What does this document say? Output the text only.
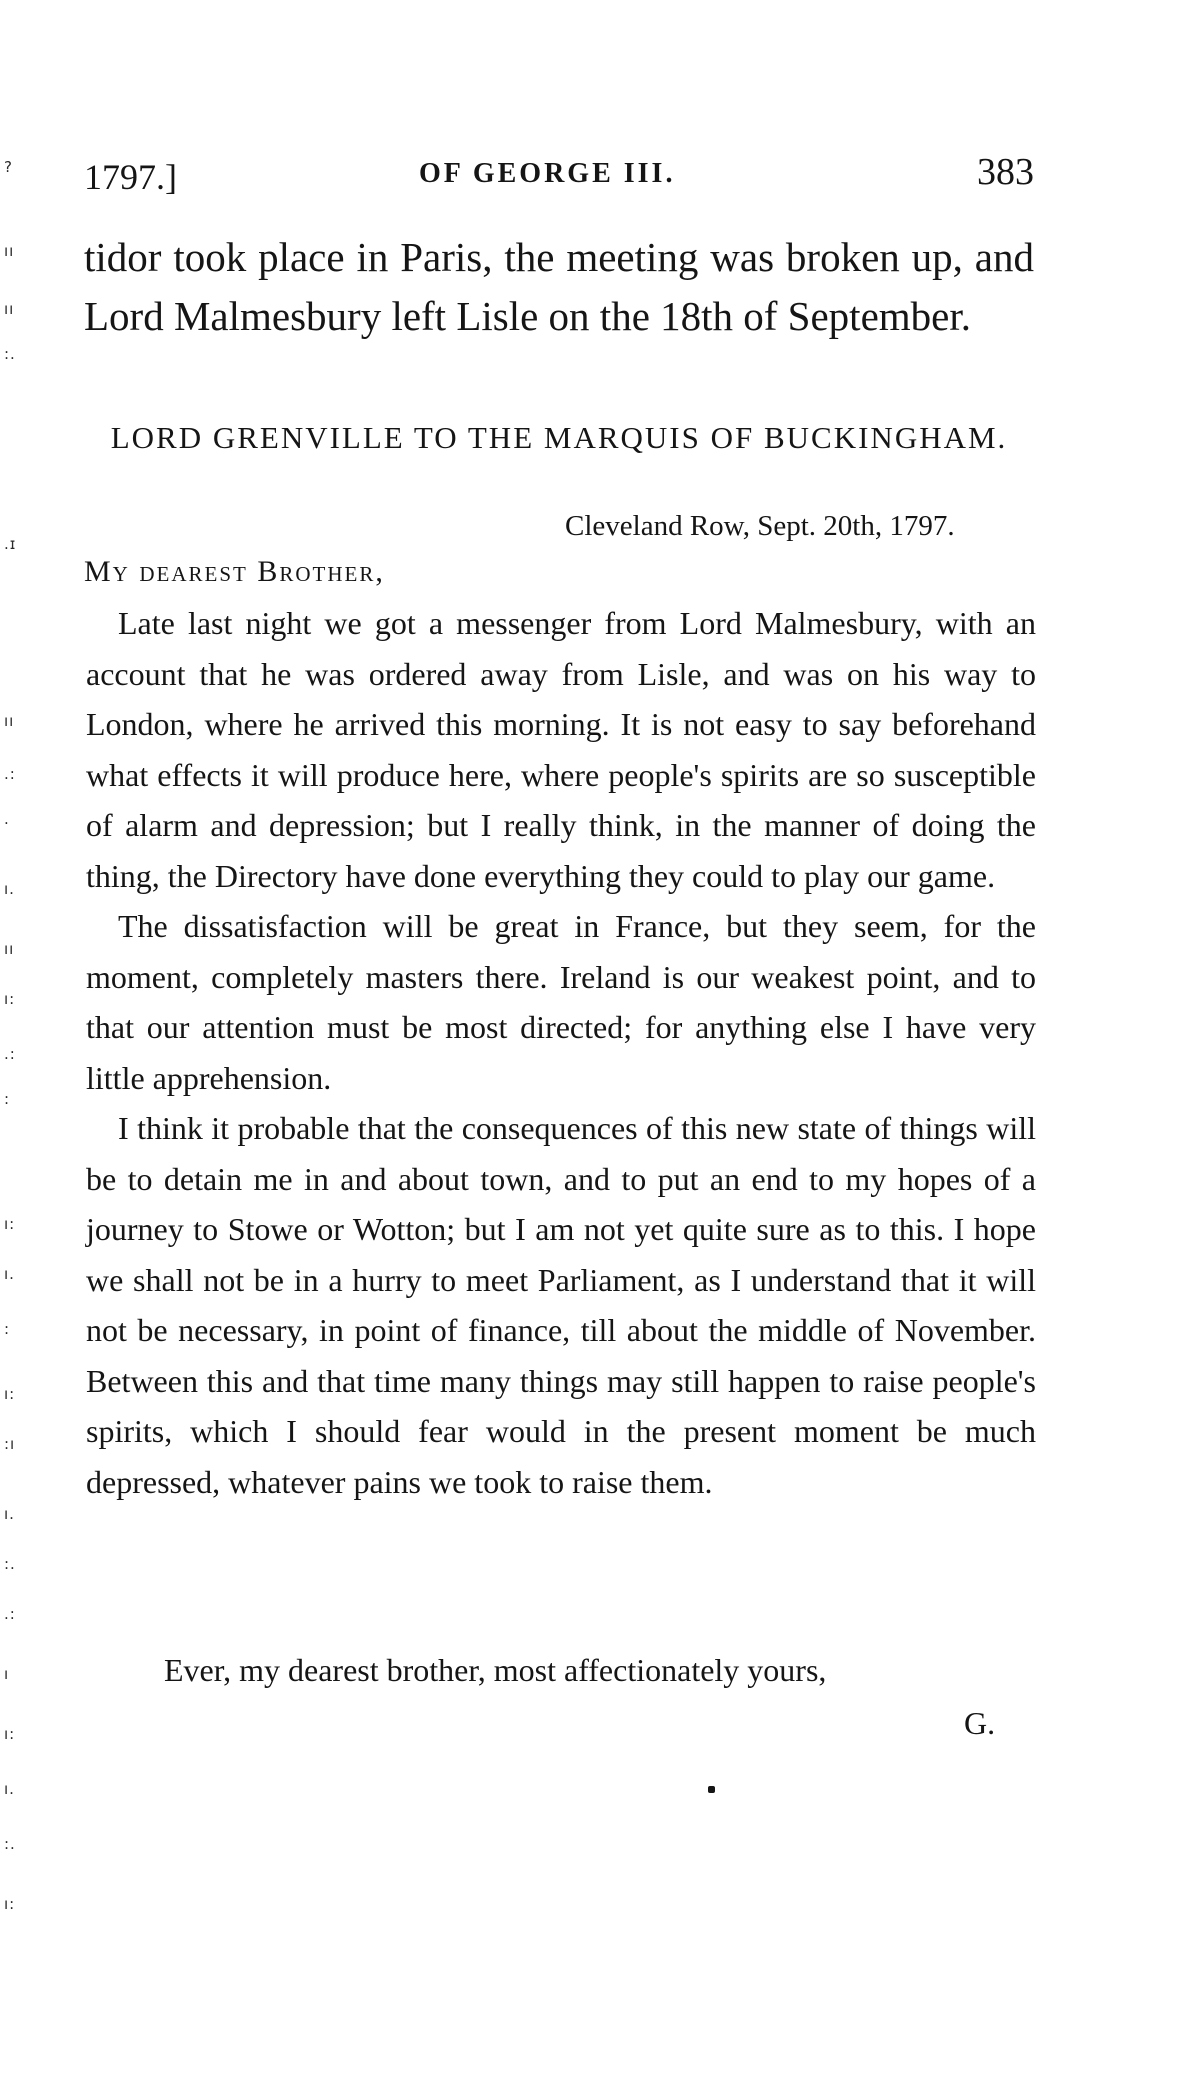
?
ıı
ıı
:.
.ɪ
ıı
.:
.
ı.
ıı
ı:
.:
:
ı:
ı.
:
ı:
:ı
ı.
:.
.:
ı
ı:
ı.
:.
ı:
1797.]	OF GEORGE III.	383
tidor took place in Paris, the meeting was broken up, and Lord Malmesbury left Lisle on the 18th of September.
LORD GRENVILLE TO THE MARQUIS OF BUCKINGHAM.
Cleveland Row, Sept. 20th, 1797.
My dearest Brother,

Late last night we got a messenger from Lord Malmesbury, with an account that he was ordered away from Lisle, and was on his way to London, where he arrived this morning. It is not easy to say beforehand what effects it will produce here, where people's spirits are so susceptible of alarm and depression; but I really think, in the manner of doing the thing, the Directory have done everything they could to play our game.

The dissatisfaction will be great in France, but they seem, for the moment, completely masters there. Ireland is our weakest point, and to that our attention must be most directed; for anything else I have very little apprehension.

I think it probable that the consequences of this new state of things will be to detain me in and about town, and to put an end to my hopes of a journey to Stowe or Wotton; but I am not yet quite sure as to this. I hope we shall not be in a hurry to meet Parliament, as I understand that it will not be necessary, in point of finance, till about the middle of November. Between this and that time many things may still happen to raise people's spirits, which I should fear would in the present moment be much depressed, whatever pains we took to raise them.

Ever, my dearest brother, most affectionately yours,
G.
